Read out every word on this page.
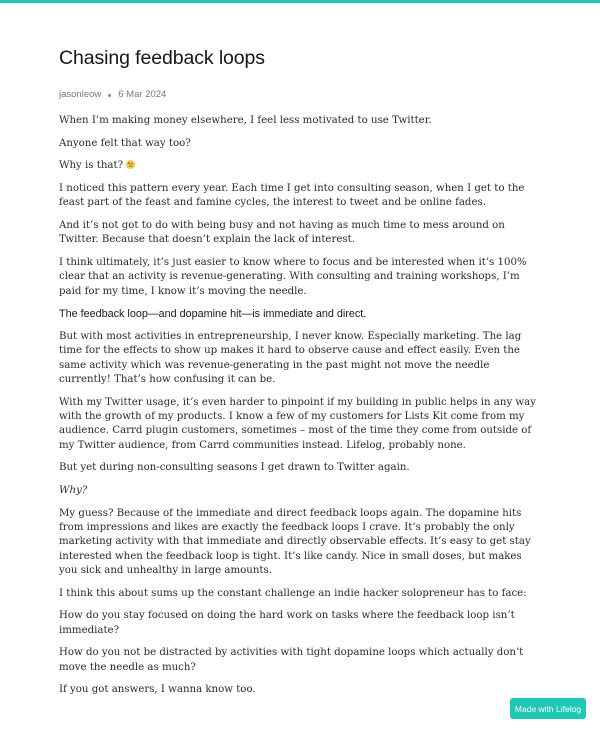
Chasing feedback loops
jasonleow 6 Mar 2024

When I’m making money elsewhere, I feel less motivated to use Twitter.

Anyone felt that way too?

Why is that?

I noticed this pattern every year. Each time I get into consulting season, when I get to the feast part of the feast and famine cycles, the interest to tweet and be online fades.

And it’s not got to do with being busy and not having as much time to mess around on Twitter. Because that doesn’t explain the lack of interest.

I think ultimately, it’s just easier to know where to focus and be interested when it’s 100% clear that an activity is revenue-generating. With consulting and training workshops, I’m paid for my time, I know it’s moving the needle.

The feedback loop—and dopamine hit—is immediate and direct.

But with most activities in entrepreneurship, I never know. Especially marketing. The lag time for the effects to show up makes it hard to observe cause and effect easily. Even the same activity which was revenue-generating in the past might not move the needle currently! That’s how confusing it can be.

With my Twitter usage, it’s even harder to pinpoint if my building in public helps in any way with the growth of my products. I know a few of my customers for Lists Kit come from my audience. Carrd plugin customers, sometimes – most of the time they come from outside of my Twitter audience, from Carrd communities instead. Lifelog, probably none.

But yet during non-consulting seasons I get drawn to Twitter again.

Why?

My guess? Because of the immediate and direct feedback loops again. The dopamine hits from impressions and likes are exactly the feedback loops I crave. It’s probably the only marketing activity with that immediate and directly observable effects. It’s easy to get stay interested when the feedback loop is tight. It’s like candy. Nice in small doses, but makes you sick and unhealthy in large amounts.

I think this about sums up the constant challenge an indie hacker solopreneur has to face:

How do you stay focused on doing the hard work on tasks where the feedback loop isn’t immediate?

How do you not be distracted by activities with tight dopamine loops which actually don’t move the needle as much?

If you got answers, I wanna know too.

Made with Lifelog
